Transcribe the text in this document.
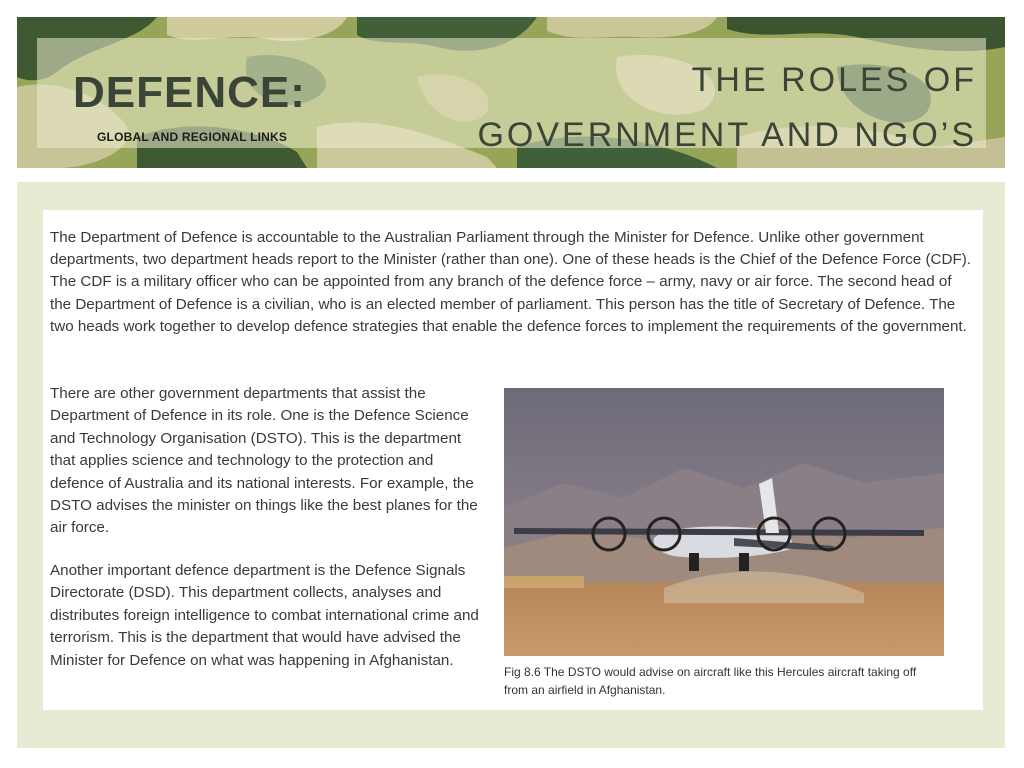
DEFENCE:
GLOBAL AND REGIONAL LINKS
THE ROLES OF
GOVERNMENT AND NGO’S

The Department of Defence is accountable to the Australian Parliament through the Minister for Defence. Unlike other government departments, two department heads report to the Minister (rather than one). One of these heads is the Chief of the Defence Force (CDF). The CDF is a military officer who can be appointed from any branch of the defence force – army, navy or air force. The second head of the Department of Defence is a civilian, who is an elected member of parliament. This person has the title of Secretary of Defence. The two heads work together to develop defence strategies that enable the defence forces to implement the requirements of the government.

There are other government departments that assist the Department of Defence in its role. One is the Defence Science and Technology Organisation (DSTO). This is the department that applies science and technology to the protection and defence of Australia and its national interests. For example, the DSTO advises the minister on things like the best planes for the air force.

Another important defence department is the Defence Signals Directorate (DSD). This department collects, analyses and distributes foreign intelligence to combat international crime and terrorism. This is the department that would have advised the Minister for Defence on what was happening in Afghanistan.

Fig 8.6 The DSTO would advise on aircraft like this Hercules aircraft taking off from an airfield in Afghanistan.
